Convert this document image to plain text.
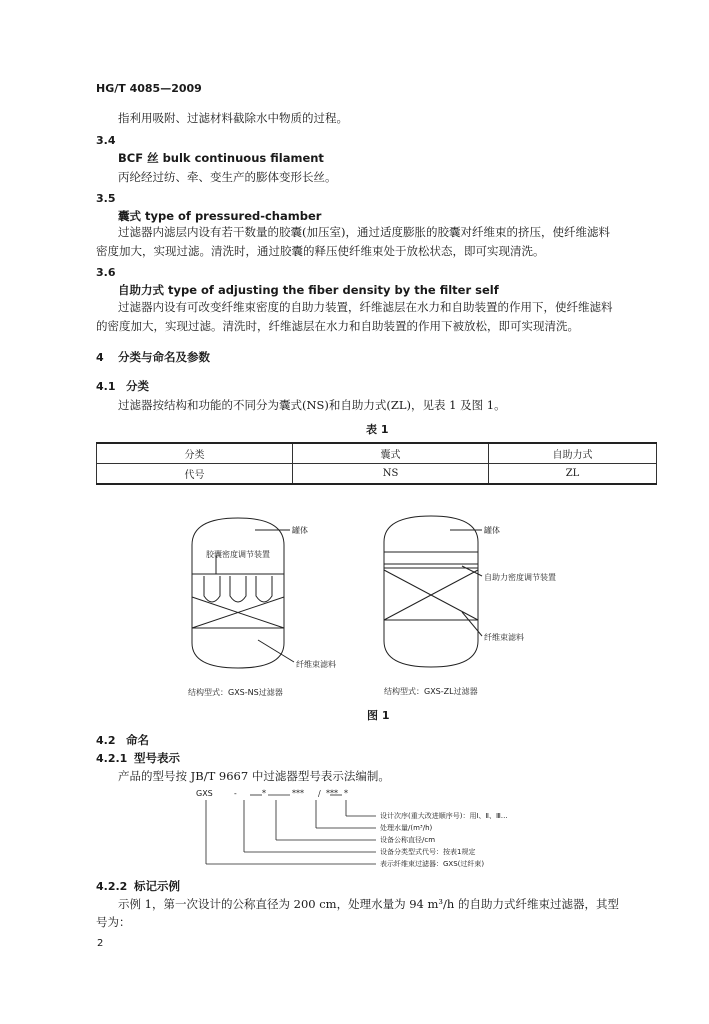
HG/T 4085—2009
指利用吸附、过滤材料截除水中物质的过程。
3.4
BCF 丝 bulk continuous filament
丙纶经过纺、牵、变生产的膨体变形长丝。
3.5
囊式 type of pressured-chamber
过滤器内滤层内设有若干数量的胶囊(加压室)，通过适度膨胀的胶囊对纤维束的挤压，使纤维滤料
密度加大，实现过滤。清洗时，通过胶囊的释压使纤维束处于放松状态，即可实现清洗。
3.6
自助力式 type of adjusting the fiber density by the filter self
过滤器内设有可改变纤维束密度的自助力装置，纤维滤层在水力和自助装置的作用下，使纤维滤料
的密度加大，实现过滤。清洗时，纤维滤层在水力和自助装置的作用下被放松，即可实现清洗。
4 分类与命名及参数
4.1 分类
过滤器按结构和功能的不同分为囊式(NS)和自助力式(ZL)，见表 1 及图 1。
表 1
分类	囊式	自助力式
代号	NS	ZL
罐体
胶囊密度调节装置
纤维束滤料
结构型式：GXS-NS过滤器
罐体
自助力密度调节装置
纤维束滤料
结构型式：GXS-ZL过滤器
图 1
4.2 命名
4.2.1 型号表示
产品的型号按 JB/T 9667 中过滤器型号表示法编制。
GXS	-	*	*** / *** *
设计次序(重大改进顺序号)：用Ⅰ、Ⅱ、Ⅲ…
处理水量/(m³/h)
设备公称直径/cm
设备分类型式代号：按表1规定
表示纤维束过滤器：GXS(过纤束)
4.2.2 标记示例
示例 1，第一次设计的公称直径为 200 cm，处理水量为 94 m³/h 的自助力式纤维束过滤器，其型
号为：
2
